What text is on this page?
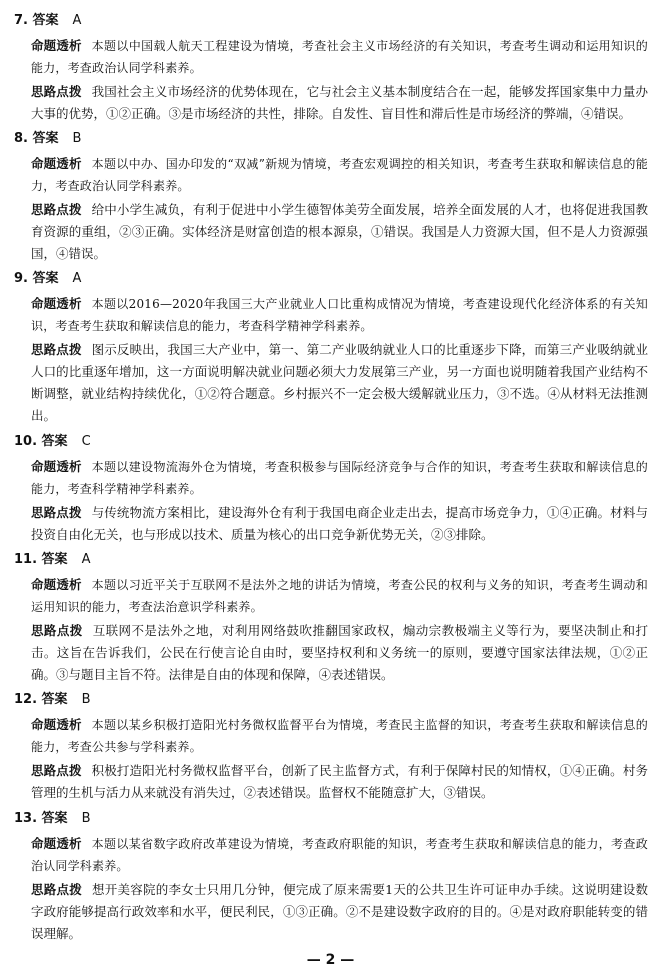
7. 答案 A
命题透析 本题以中国载人航天工程建设为情境，考查社会主义市场经济的有关知识，考查考生调动和运用知识的能力，考查政治认同学科素养。
思路点拨 我国社会主义市场经济的优势体现在，它与社会主义基本制度结合在一起，能够发挥国家集中力量办大事的优势，①②正确。③是市场经济的共性，排除。自发性、盲目性和滞后性是市场经济的弊端，④错误。
8. 答案 B
命题透析 本题以中办、国办印发的“双减”新规为情境，考查宏观调控的相关知识，考查考生获取和解读信息的能力，考查政治认同学科素养。
思路点拨 给中小学生减负，有利于促进中小学生德智体美劳全面发展，培养全面发展的人才，也将促进我国教育资源的重组，②③正确。实体经济是财富创造的根本源泉，①错误。我国是人力资源大国，但不是人力资源强国，④错误。
9. 答案 A
命题透析 本题以2016—2020年我国三大产业就业人口比重构成情况为情境，考查建设现代化经济体系的有关知识，考查考生获取和解读信息的能力，考查科学精神学科素养。
思路点拨 图示反映出，我国三大产业中，第一、第二产业吸纳就业人口的比重逐步下降，而第三产业吸纳就业人口的比重逐年增加，这一方面说明解决就业问题必须大力发展第三产业，另一方面也说明随着我国产业结构不断调整，就业结构持续优化，①②符合题意。乡村振兴不一定会极大缓解就业压力，③不选。④从材料无法推测出。
10. 答案 C
命题透析 本题以建设物流海外仓为情境，考查积极参与国际经济竞争与合作的知识，考查考生获取和解读信息的能力，考查科学精神学科素养。
思路点拨 与传统物流方案相比，建设海外仓有利于我国电商企业走出去，提高市场竞争力，①④正确。材料与投资自由化无关，也与形成以技术、质量为核心的出口竞争新优势无关，②③排除。
11. 答案 A
命题透析 本题以习近平关于互联网不是法外之地的讲话为情境，考查公民的权利与义务的知识，考查考生调动和运用知识的能力，考查法治意识学科素养。
思路点拨 互联网不是法外之地，对利用网络鼓吹推翻国家政权，煽动宗教极端主义等行为，要坚决制止和打击。这旨在告诉我们，公民在行使言论自由时，要坚持权利和义务统一的原则，要遵守国家法律法规，①②正确。③与题目主旨不符。法律是自由的体现和保障，④表述错误。
12. 答案 B
命题透析 本题以某乡积极打造阳光村务微权监督平台为情境，考查民主监督的知识，考查考生获取和解读信息的能力，考查公共参与学科素养。
思路点拨 积极打造阳光村务微权监督平台，创新了民主监督方式，有利于保障村民的知情权，①④正确。村务管理的生机与活力从来就没有消失过，②表述错误。监督权不能随意扩大，③错误。
13. 答案 B
命题透析 本题以某省数字政府改革建设为情境，考查政府职能的知识，考查考生获取和解读信息的能力，考查政治认同学科素养。
思路点拨 想开美容院的李女士只用几分钟，便完成了原来需要1天的公共卫生许可证申办手续。这说明建设数字政府能够提高行政效率和水平，便民利民，①③正确。②不是建设数字政府的目的。④是对政府职能转变的错误理解。
— 2 —
